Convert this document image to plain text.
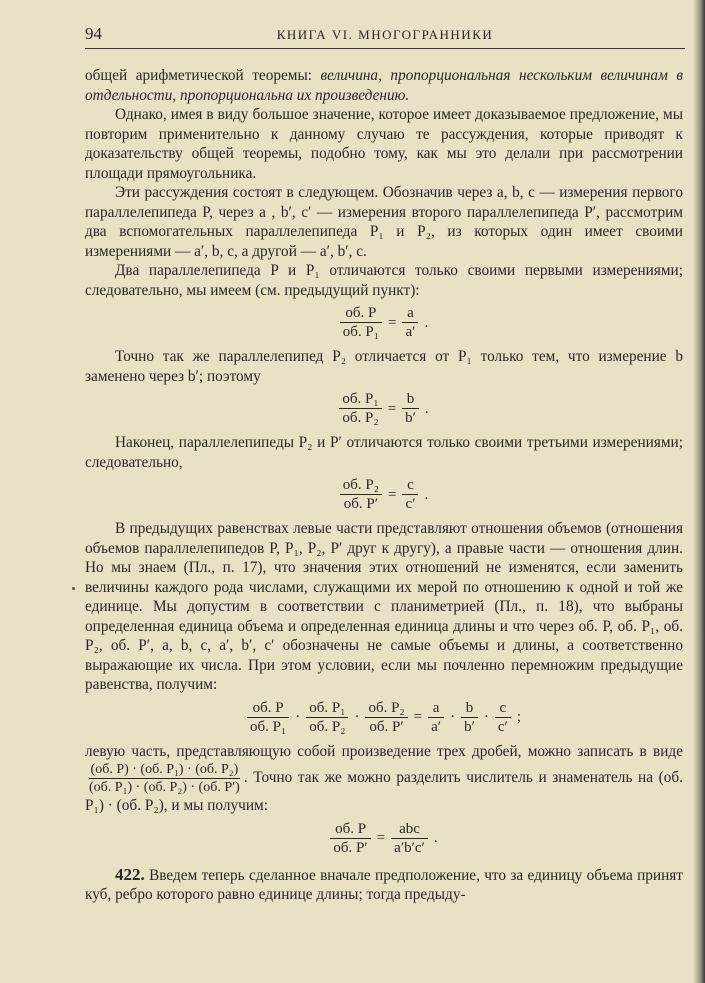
94	КНИГА VI. МНОГОГРАННИКИ

общей арифметической теоремы: величина, пропорциональная нескольким величинам в отдельности, пропорциональна их произведению.

Однако, имея в виду большое значение, которое имеет доказываемое предложение, мы повторим применительно к данному случаю те рассуждения, которые приводят к доказательству общей теоремы, подобно тому, как мы это делали при рассмотрении площади прямоугольника.

Эти рассуждения состоят в следующем. Обозначив через a, b, c — измерения первого параллелепипеда P, через a , b′, c′ — измерения второго параллелепипеда P′, рассмотрим два вспомогательных параллелепипеда P₁ и P₂, из которых один имеет своими измерениями — a′, b, c, а другой — a′, b′, c.

Два параллелепипеда P и P₁ отличаются только своими первыми измерениями; следовательно, мы имеем (см. предыдущий пункт):

$\frac{об. P}{\text{об. P₁}} = \frac{a}{a'}$ .

Точно так же параллелепипед P₂ отличается от P₁ только тем, что измерение b заменено через b′; поэтому

$\frac{\text{об. P₁}}{\text{об. P₂}} = \frac{b}{b'}$ .

Наконец, параллелепипеды P₂ и P′ отличаются только своими третьими измерениями; следовательно,

$\frac{\text{об. P₂}}{об. P'} = \frac{c}{c'}$ .

В предыдущих равенствах левые части представляют отношения объемов (отношения объемов параллелепипедов P, P₁, P₂, P′ друг к другу), а правые части — отношения длин. Но мы знаем (Пл., п. 17), что значения этих отношений не изменятся, если заменить величины каждого рода числами, служащими их мерой по отношению к одной и той же единице. Мы допустим в соответствии с планиметрией (Пл., п. 18), что выбраны определенная единица объема и определенная единица длины и что через об. P, об. P₁, об. P₂, об. P′, a, b, c, a′, b′, c′ обозначены не самые объемы и длины, а соответственно выражающие их числа. При этом условии, если мы почленно перемножим предыдущие равенства, получим:

$\frac{об. P}{\text{об. P₁}} \cdot \frac{\text{об. P₁}}{\text{об. P₂}} \cdot \frac{\text{об. P₂}}{об. P'} = \frac{a}{a'} \cdot \frac{b}{b'} \cdot \frac{c}{c'}$ ;

левую часть, представляющую собой произведение трех дробей, можно записать в виде
$\frac{\text{(об. P) · (об. P₁) · (об. P₂)}}{\text{(об. P₁) · (об. P₂) · (об. P′)}}$ . Точно так же можно разделить числитель и знаменатель на (об. P₁) · (об. P₂), и мы получим:

$\frac{об. P}{об. P'} = \frac{\text{abc}}{a'b'c'}$ .

422. Введем теперь сделанное вначале предположение, что за единицу объема принят куб, ребро которого равно единице длины; тогда предыду-
